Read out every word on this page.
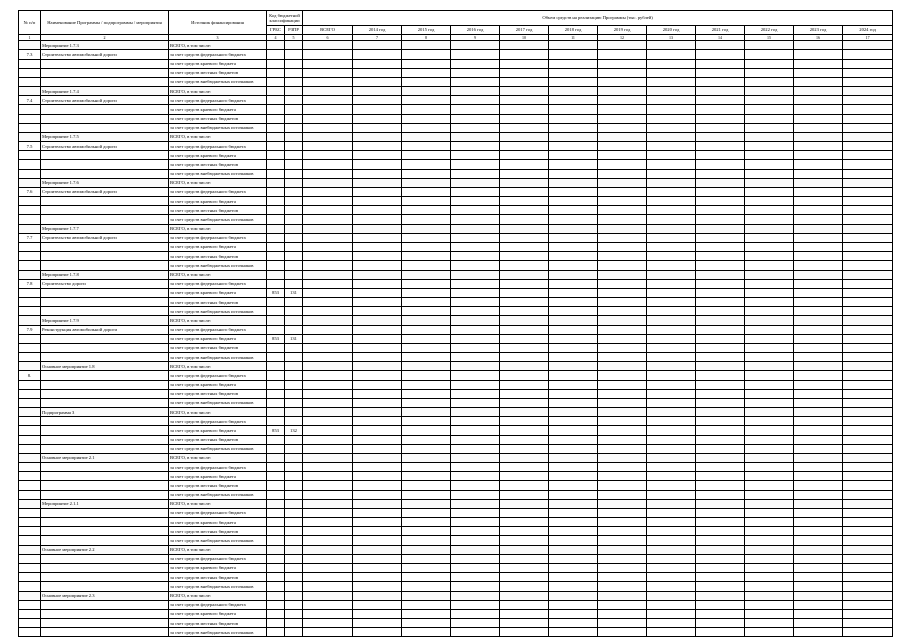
№ п/п	Наименование Программы / подпрограммы / мероприятия	Источник финансирования	Код бюджетной классификации		Объем средств на реализацию Программы (тыс. рублей)											
			ГРБС	РЗПР	ВСЕГО	2014 год	2015 год	2016 год	2017 год	2018 год	2019 год	2020 год	2021 год	2022 год	2023 год	2024 год
1	2	3	4	5	6	7	8	9	10	11	12	13	14	15	16	17
	Мероприятие 1.7.3	ВСЕГО, в том числе:														
7.3	Строительство автомобильной дороги	за счет средств федерального бюджета														
		за счет средств краевого бюджета														
		за счет средств местных бюджетов														
		за счет средств внебюджетных источников														
	Мероприятие 1.7.4	ВСЕГО, в том числе:														
7.4	Строительство автомобильной дороги	за счет средств федерального бюджета														
		за счет средств краевого бюджета														
		за счет средств местных бюджетов														
		за счет средств внебюджетных источников														
	Мероприятие 1.7.5	ВСЕГО, в том числе:														
7.5	Строительство автомобильной дороги	за счет средств федерального бюджета														
		за счет средств краевого бюджета														
		за счет средств местных бюджетов														
		за счет средств внебюджетных источников														
	Мероприятие 1.7.6	ВСЕГО, в том числе:														
7.6	Строительство автомобильной дороги	за счет средств федерального бюджета														
		за счет средств краевого бюджета														
		за счет средств местных бюджетов														
		за счет средств внебюджетных источников														
	Мероприятие 1.7.7	ВСЕГО, в том числе:														
7.7	Строительство автомобильной дороги	за счет средств федерального бюджета														
		за счет средств краевого бюджета														
		за счет средств местных бюджетов														
		за счет средств внебюджетных источников														
	Мероприятие 1.7.8	ВСЕГО, в том числе:														
7.8	Строительство дороги	за счет средств федерального бюджета														
		за счет средств краевого бюджета	853	131												
		за счет средств местных бюджетов														
		за счет средств внебюджетных источников														
	Мероприятие 1.7.9	ВСЕГО, в том числе:														
7.9	Реконструкция автомобильной дороги	за счет средств федерального бюджета														
		за счет средств краевого бюджета	853	131												
		за счет средств местных бюджетов														
		за счет средств внебюджетных источников														
	Основное мероприятие 1.8	ВСЕГО, в том числе:														
8.		за счет средств федерального бюджета														
		за счет средств краевого бюджета														
		за счет средств местных бюджетов														
		за счет средств внебюджетных источников														
	Подпрограмма 3	ВСЕГО, в том числе:														
		за счет средств федерального бюджета														
		за счет средств краевого бюджета	853	132												
		за счет средств местных бюджетов														
		за счет средств внебюджетных источников														
	Основное мероприятие 2.1	ВСЕГО, в том числе:														
		за счет средств федерального бюджета														
		за счет средств краевого бюджета														
		за счет средств местных бюджетов														
		за счет средств внебюджетных источников														
	Мероприятие 2.1.1	ВСЕГО, в том числе:														
		за счет средств федерального бюджета														
		за счет средств краевого бюджета														
		за счет средств местных бюджетов														
		за счет средств внебюджетных источников														
	Основное мероприятие 2.2	ВСЕГО, в том числе:														
		за счет средств федерального бюджета														
		за счет средств краевого бюджета														
		за счет средств местных бюджетов														
		за счет средств внебюджетных источников														
	Основное мероприятие 2.3	ВСЕГО, в том числе:														
		за счет средств федерального бюджета														
		за счет средств краевого бюджета														
		за счет средств местных бюджетов														
		за счет средств внебюджетных источников														
